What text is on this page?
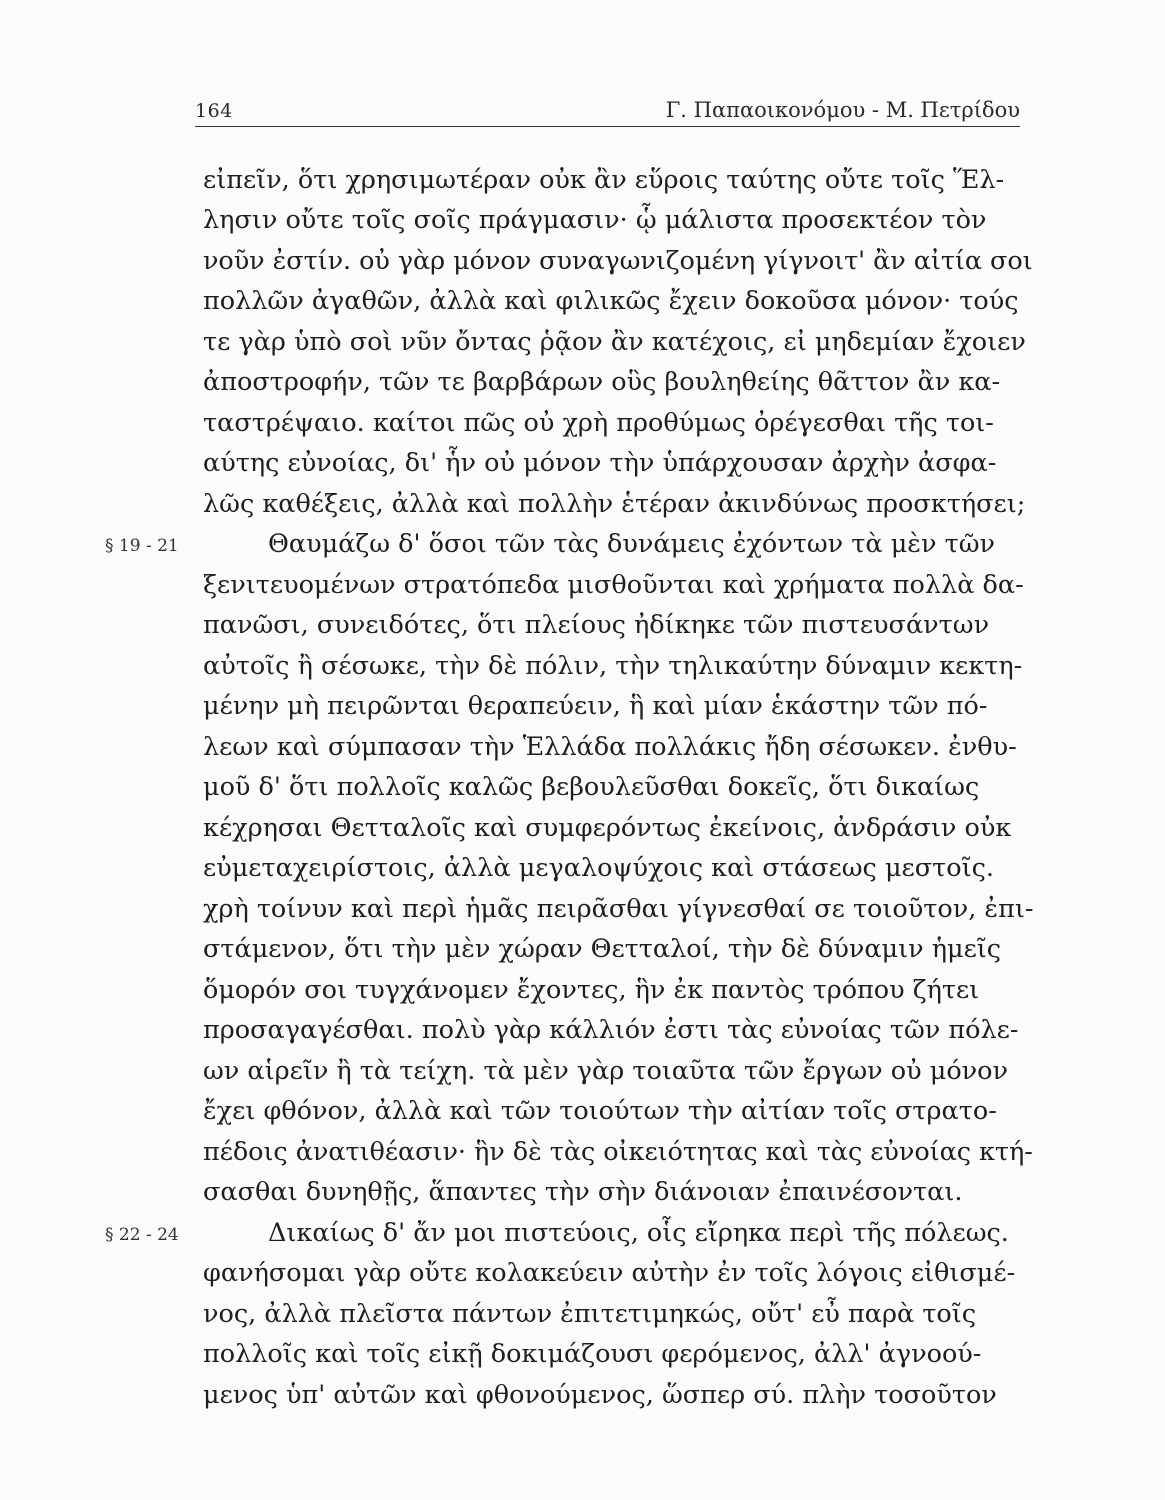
164	Γ. Παπαοικονόμου - Μ. Πετρίδου
εἰπεῖν, ὅτι χρησιμωτέραν οὐκ ἂν εὕροις ταύτης οὔτε τοῖς Ἕλ-
λησιν οὔτε τοῖς σοῖς πράγμασιν· ᾧ μάλιστα προσεκτέον τὸν
νοῦν ἐστίν. οὐ γὰρ μόνον συναγωνιζομένη γίγνοιτ' ἂν αἰτία σοι
πολλῶν ἀγαθῶν, ἀλλὰ καὶ φιλικῶς ἔχειν δοκοῦσα μόνον· τούς
τε γὰρ ὑπὸ σοὶ νῦν ὄντας ῥᾷον ἂν κατέχοις, εἰ μηδεμίαν ἔχοιεν
ἀποστροφήν, τῶν τε βαρβάρων οὓς βουληθείης θᾶττον ἂν κα-
ταστρέψαιο. καίτοι πῶς οὐ χρὴ προθύμως ὀρέγεσθαι τῆς τοι-
αύτης εὐνοίας, δι' ἧν οὐ μόνον τὴν ὑπάρχουσαν ἀρχὴν ἀσφα-
λῶς καθέξεις, ἀλλὰ καὶ πολλὴν ἑτέραν ἀκινδύνως προσκτήσει;
§ 19 - 21	Θαυμάζω δ' ὅσοι τῶν τὰς δυνάμεις ἐχόντων τὰ μὲν τῶν
ξενιτευομένων στρατόπεδα μισθοῦνται καὶ χρήματα πολλὰ δα-
πανῶσι, συνειδότες, ὅτι πλείους ἠδίκηκε τῶν πιστευσάντων
αὐτοῖς ἢ σέσωκε, τὴν δὲ πόλιν, τὴν τηλικαύτην δύναμιν κεκτη-
μένην μὴ πειρῶνται θεραπεύειν, ἣ καὶ μίαν ἑκάστην τῶν πό-
λεων καὶ σύμπασαν τὴν Ἑλλάδα πολλάκις ἤδη σέσωκεν. ἐνθυ-
μοῦ δ' ὅτι πολλοῖς καλῶς βεβουλεῦσθαι δοκεῖς, ὅτι δικαίως
κέχρησαι Θετταλοῖς καὶ συμφερόντως ἐκείνοις, ἀνδράσιν οὐκ
εὐμεταχειρίστοις, ἀλλὰ μεγαλοψύχοις καὶ στάσεως μεστοῖς.
χρὴ τοίνυν καὶ περὶ ἡμᾶς πειρᾶσθαι γίγνεσθαί σε τοιοῦτον, ἐπι-
στάμενον, ὅτι τὴν μὲν χώραν Θετταλοί, τὴν δὲ δύναμιν ἡμεῖς
ὅμορόν σοι τυγχάνομεν ἔχοντες, ἣν ἐκ παντὸς τρόπου ζήτει
προσαγαγέσθαι. πολὺ γὰρ κάλλιόν ἐστι τὰς εὐνοίας τῶν πόλε-
ων αἱρεῖν ἢ τὰ τείχη. τὰ μὲν γὰρ τοιαῦτα τῶν ἔργων οὐ μόνον
ἔχει φθόνον, ἀλλὰ καὶ τῶν τοιούτων τὴν αἰτίαν τοῖς στρατο-
πέδοις ἀνατιθέασιν· ἣν δὲ τὰς οἰκειότητας καὶ τὰς εὐνοίας κτή-
σασθαι δυνηθῇς, ἅπαντες τὴν σὴν διάνοιαν ἐπαινέσονται.
§ 22 - 24	Δικαίως δ' ἄν μοι πιστεύοις, οἷς εἴρηκα περὶ τῆς πόλεως.
φανήσομαι γὰρ οὔτε κολακεύειν αὐτὴν ἐν τοῖς λόγοις εἰθισμέ-
νος, ἀλλὰ πλεῖστα πάντων ἐπιτετιμηκώς, οὔτ' εὖ παρὰ τοῖς
πολλοῖς καὶ τοῖς εἰκῇ δοκιμάζουσι φερόμενος, ἀλλ' ἀγνοού-
μενος ὑπ' αὐτῶν καὶ φθονούμενος, ὥσπερ σύ. πλὴν τοσοῦτον
